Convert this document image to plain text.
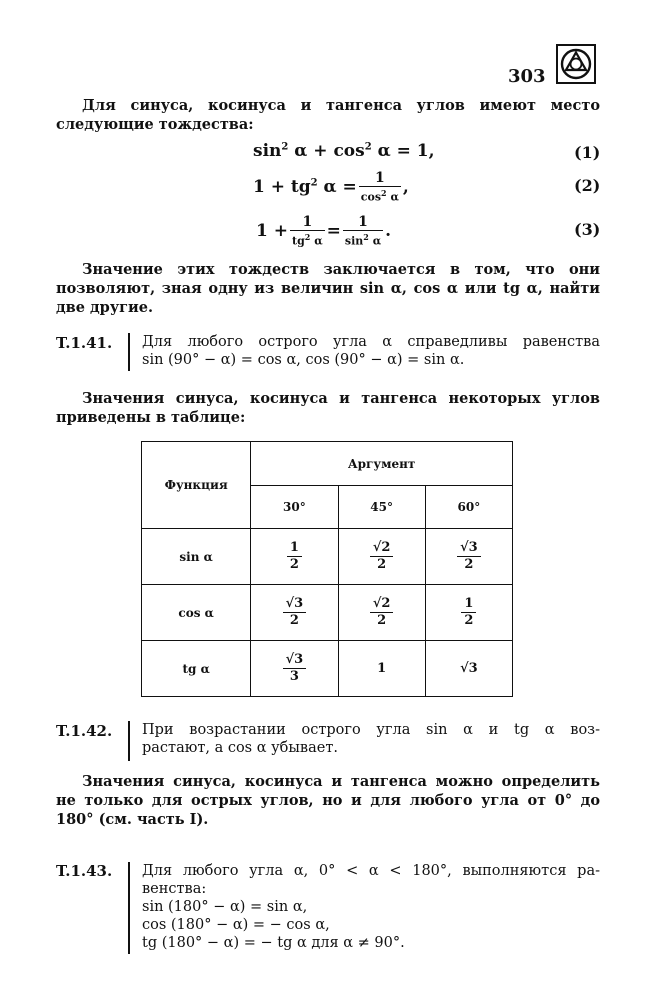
303
Для синуса, косинуса и тангенса углов имеют место следующие тождества:
$\sin^2 \alpha + \cos^2 \alpha = 1$,	(1)
$1 + tg^2$ $\alpha = \frac{1}{\cos^2 \alpha}$ ,	(2)
$1 + \frac{1}{tg^2 \alpha} = \frac{1}{\sin^2 \alpha}$ .	(3)
Значение этих тождеств заключается в том, что они позволяют, зная одну из величин sin α, cos α или tg α, найти две другие.
T.1.41. Для любого острого угла α справедливы равенства
sin (90° − α) = cos α, cos (90° − α) = sin α.
Значения синуса, косинуса и тангенса некоторых углов приведены в таблице:
Функция	Аргумент		
	30°	45°	60°
sin α	$\frac{1}{2}$	$\frac{√2}{2}$	$\frac{√3}{2}$

cos α	$\frac{√3}{2}$	$\frac{√2}{2}$	$\frac{1}{2}$

tg α	$\frac{√3}{3}$	1	√3
T.1.42. При возрастании острого угла sin α и tg α воз-
растают, а cos α убывает.
Значения синуса, косинуса и тангенса можно определить не только для острых углов, но и для любого угла от 0° до 180° (см. часть I).
T.1.43. Для любого угла α, 0° < α < 180°, выполняются ра-
венства:
sin (180° − α) = sin α,
cos (180° − α) = − cos α,
tg (180° − α) = − tg α для α ≠ 90°.
